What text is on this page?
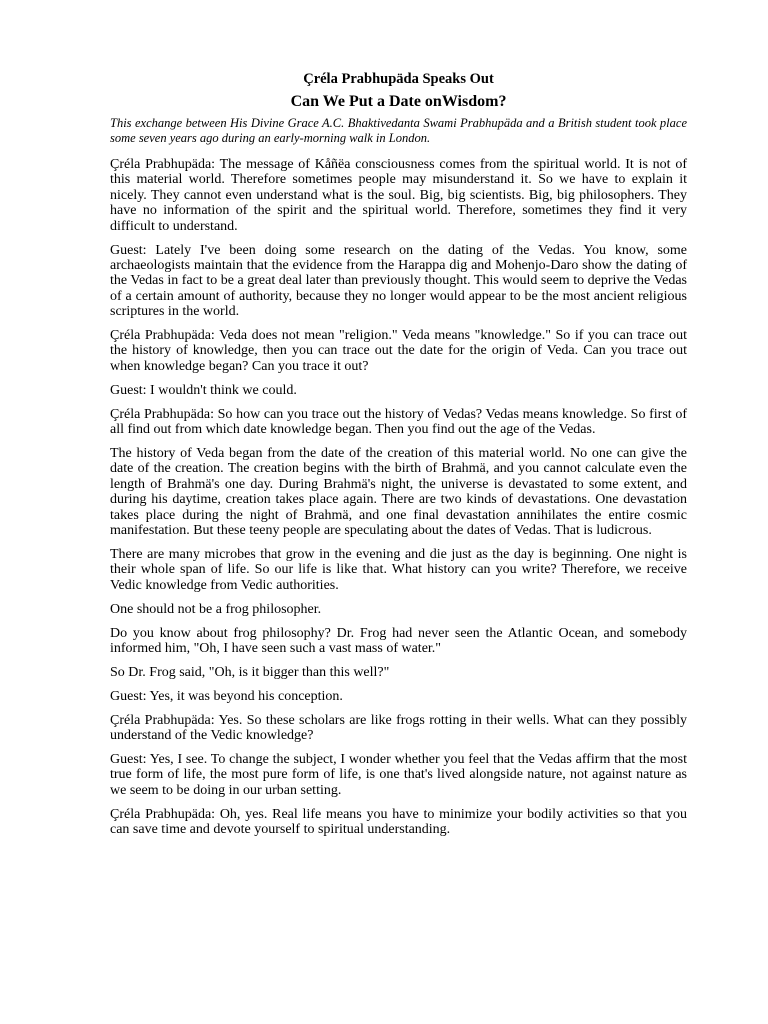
Çréla Prabhupäda Speaks Out
Can We Put a Date onWisdom?
This exchange between His Divine Grace A.C. Bhaktivedanta Swami Prabhupäda and a British student took place some seven years ago during an early-morning walk in London.

Çréla Prabhupäda: The message of Kåñëa consciousness comes from the spiritual world. It is not of this material world. Therefore sometimes people may misunderstand it. So we have to explain it nicely. They cannot even understand what is the soul. Big, big scientists. Big, big philosophers. They have no information of the spirit and the spiritual world. Therefore, sometimes they find it very difficult to understand.

Guest: Lately I've been doing some research on the dating of the Vedas. You know, some archaeologists maintain that the evidence from the Harappa dig and Mohenjo-Daro show the dating of the Vedas in fact to be a great deal later than previously thought. This would seem to deprive the Vedas of a certain amount of authority, because they no longer would appear to be the most ancient religious scriptures in the world.

Çréla Prabhupäda: Veda does not mean "religion." Veda means "knowledge." So if you can trace out the history of knowledge, then you can trace out the date for the origin of Veda. Can you trace out when knowledge began? Can you trace it out?

Guest: I wouldn't think we could.

Çréla Prabhupäda: So how can you trace out the history of Vedas? Vedas means knowledge. So first of all find out from which date knowledge began. Then you find out the age of the Vedas.

The history of Veda began from the date of the creation of this material world. No one can give the date of the creation. The creation begins with the birth of Brahmä, and you cannot calculate even the length of Brahmä's one day. During Brahmä's night, the universe is devastated to some extent, and during his daytime, creation takes place again. There are two kinds of devastations. One devastation takes place during the night of Brahmä, and one final devastation annihilates the entire cosmic manifestation. But these teeny people are speculating about the dates of Vedas. That is ludicrous.

There are many microbes that grow in the evening and die just as the day is beginning. One night is their whole span of life. So our life is like that. What history can you write? Therefore, we receive Vedic knowledge from Vedic authorities.

One should not be a frog philosopher.

Do you know about frog philosophy? Dr. Frog had never seen the Atlantic Ocean, and somebody informed him, "Oh, I have seen such a vast mass of water."

So Dr. Frog said, "Oh, is it bigger than this well?"

Guest: Yes, it was beyond his conception.

Çréla Prabhupäda: Yes. So these scholars are like frogs rotting in their wells. What can they possibly understand of the Vedic knowledge?

Guest: Yes, I see. To change the subject, I wonder whether you feel that the Vedas affirm that the most true form of life, the most pure form of life, is one that's lived alongside nature, not against nature as we seem to be doing in our urban setting.

Çréla Prabhupäda: Oh, yes. Real life means you have to minimize your bodily activities so that you can save time and devote yourself to spiritual understanding.
